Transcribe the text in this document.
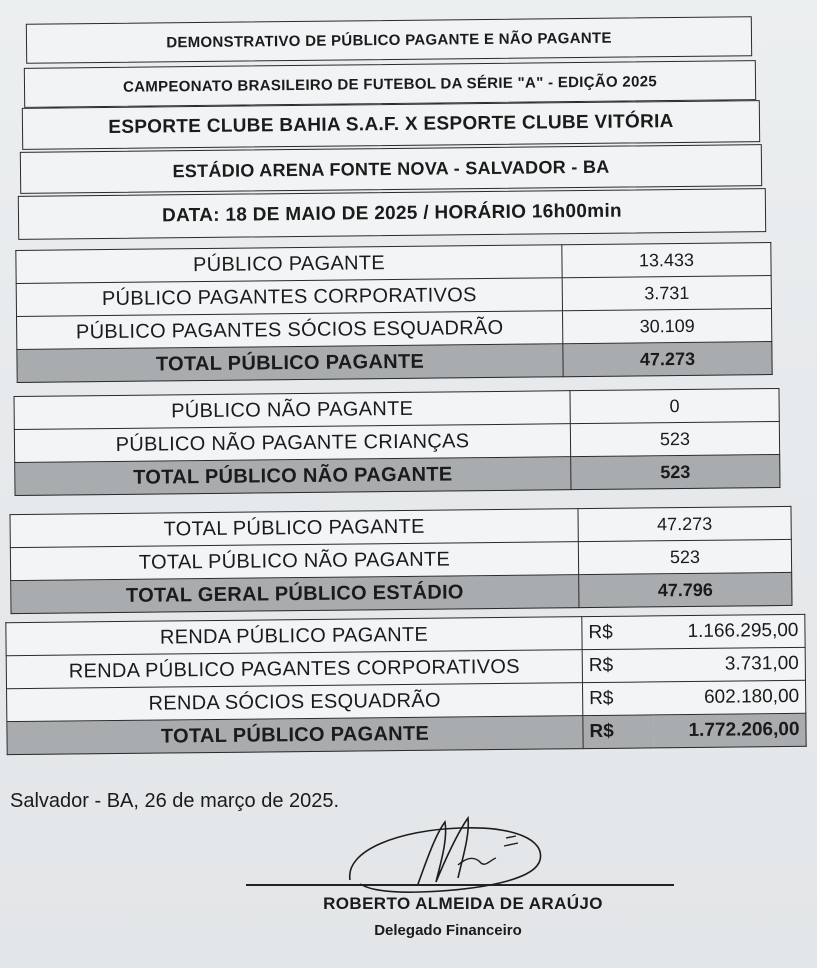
DEMONSTRATIVO DE PÚBLICO PAGANTE E NÃO PAGANTE
CAMPEONATO BRASILEIRO DE FUTEBOL DA SÉRIE "A" - EDIÇÃO 2025
ESPORTE CLUBE BAHIA S.A.F. X ESPORTE CLUBE VITÓRIA
ESTÁDIO ARENA FONTE NOVA - SALVADOR - BA
DATA: 18 DE MAIO DE 2025 / HORÁRIO 16h00min
PÚBLICO PAGANTE	13.433
PÚBLICO PAGANTES CORPORATIVOS	3.731
PÚBLICO PAGANTES SÓCIOS ESQUADRÃO	30.109
TOTAL PÚBLICO PAGANTE	47.273
PÚBLICO NÃO PAGANTE	0
PÚBLICO NÃO PAGANTE CRIANÇAS	523
TOTAL PÚBLICO NÃO PAGANTE	523
TOTAL PÚBLICO PAGANTE	47.273
TOTAL PÚBLICO NÃO PAGANTE	523
TOTAL GERAL PÚBLICO ESTÁDIO	47.796
RENDA PÚBLICO PAGANTE	R$	1.166.295,00
RENDA PÚBLICO PAGANTES CORPORATIVOS	R$	3.731,00
RENDA SÓCIOS ESQUADRÃO	R$	602.180,00
TOTAL PÚBLICO PAGANTE	R$	1.772.206,00
Salvador - BA, 26 de março de 2025.
ROBERTO ALMEIDA DE ARAÚJO
Delegado Financeiro
